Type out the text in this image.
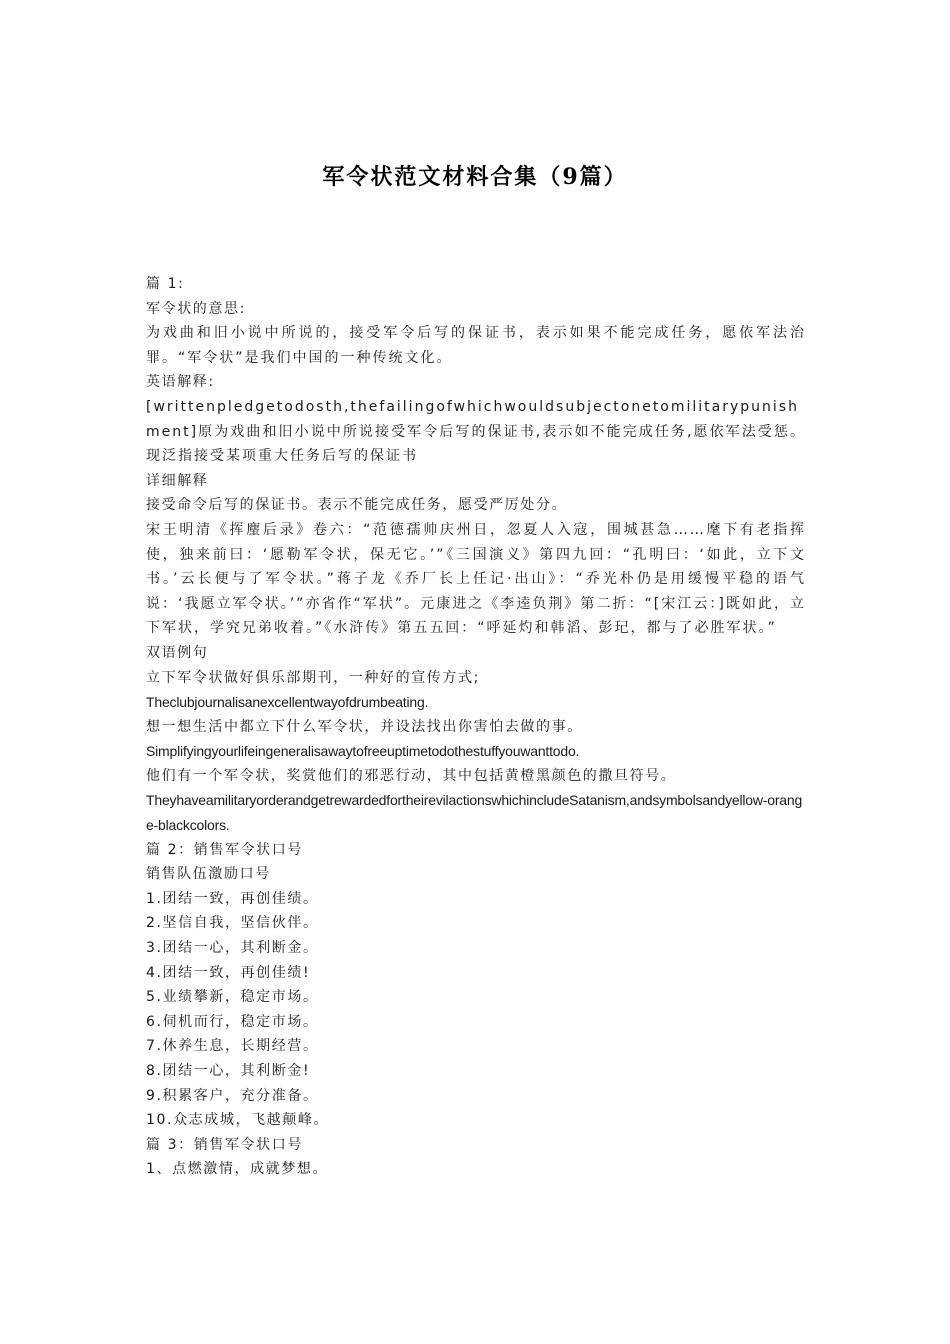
军令状范文材料合集（9篇）
篇 1:
军令状的意思:
为戏曲和旧小说中所说的，接受军令后写的保证书，表示如果不能完成任务，愿依军法治罪。“军令状”是我们中国的一种传统文化。
英语解释:
[writtenpledgetodosth,thefailingofwhichwouldsubjectonetomilitarypunishment]原为戏曲和旧小说中所说接受军令后写的保证书,表示如不能完成任务,愿依军法受惩。现泛指接受某项重大任务后写的保证书
详细解释
接受命令后写的保证书。表示不能完成任务，愿受严厉处分。
宋王明清《挥麈后录》卷六：“范德孺帅庆州日，忽夏人入寇，围城甚急……麾下有老指挥使，独来前曰：‘愿勒军令状，保无它。’”《三国演义》第四九回：“孔明曰：‘如此，立下文书。’云长便与了军令状。”蒋子龙《乔厂长上任记·出山》：“乔光朴仍是用缓慢平稳的语气说：‘我愿立军令状。’”亦省作“军状”。元康进之《李逵负荆》第二折：“[宋江云：]既如此，立下军状，学究兄弟收着。”《水浒传》第五五回：“呼延灼和韩滔、彭玘，都与了必胜军状。”
双语例句
立下军令状做好俱乐部期刊，一种好的宣传方式;
Theclubjournalisanexcellentwayofdrumbeating.
想一想生活中都立下什么军令状，并设法找出你害怕去做的事。
Simplifyingyourlifeingeneralisawaytofreeuptimetodothestuffyouwanttodo.
他们有一个军令状，奖赏他们的邪恶行动，其中包括黄橙黑颜色的撒旦符号。
TheyhaveamilitaryorderandgetrewardedfortheirevilactionswhichincludeSatanism,andsymbolsandyellow-orange-blackcolors.
篇 2：销售军令状口号
销售队伍激励口号
1.团结一致，再创佳绩。
2.坚信自我，坚信伙伴。
3.团结一心，其利断金。
4.团结一致，再创佳绩!
5.业绩攀新，稳定市场。
6.伺机而行，稳定市场。
7.休养生息，长期经营。
8.团结一心，其利断金!
9.积累客户，充分准备。
10.众志成城，飞越颠峰。
篇 3：销售军令状口号
1、点燃激情，成就梦想。
